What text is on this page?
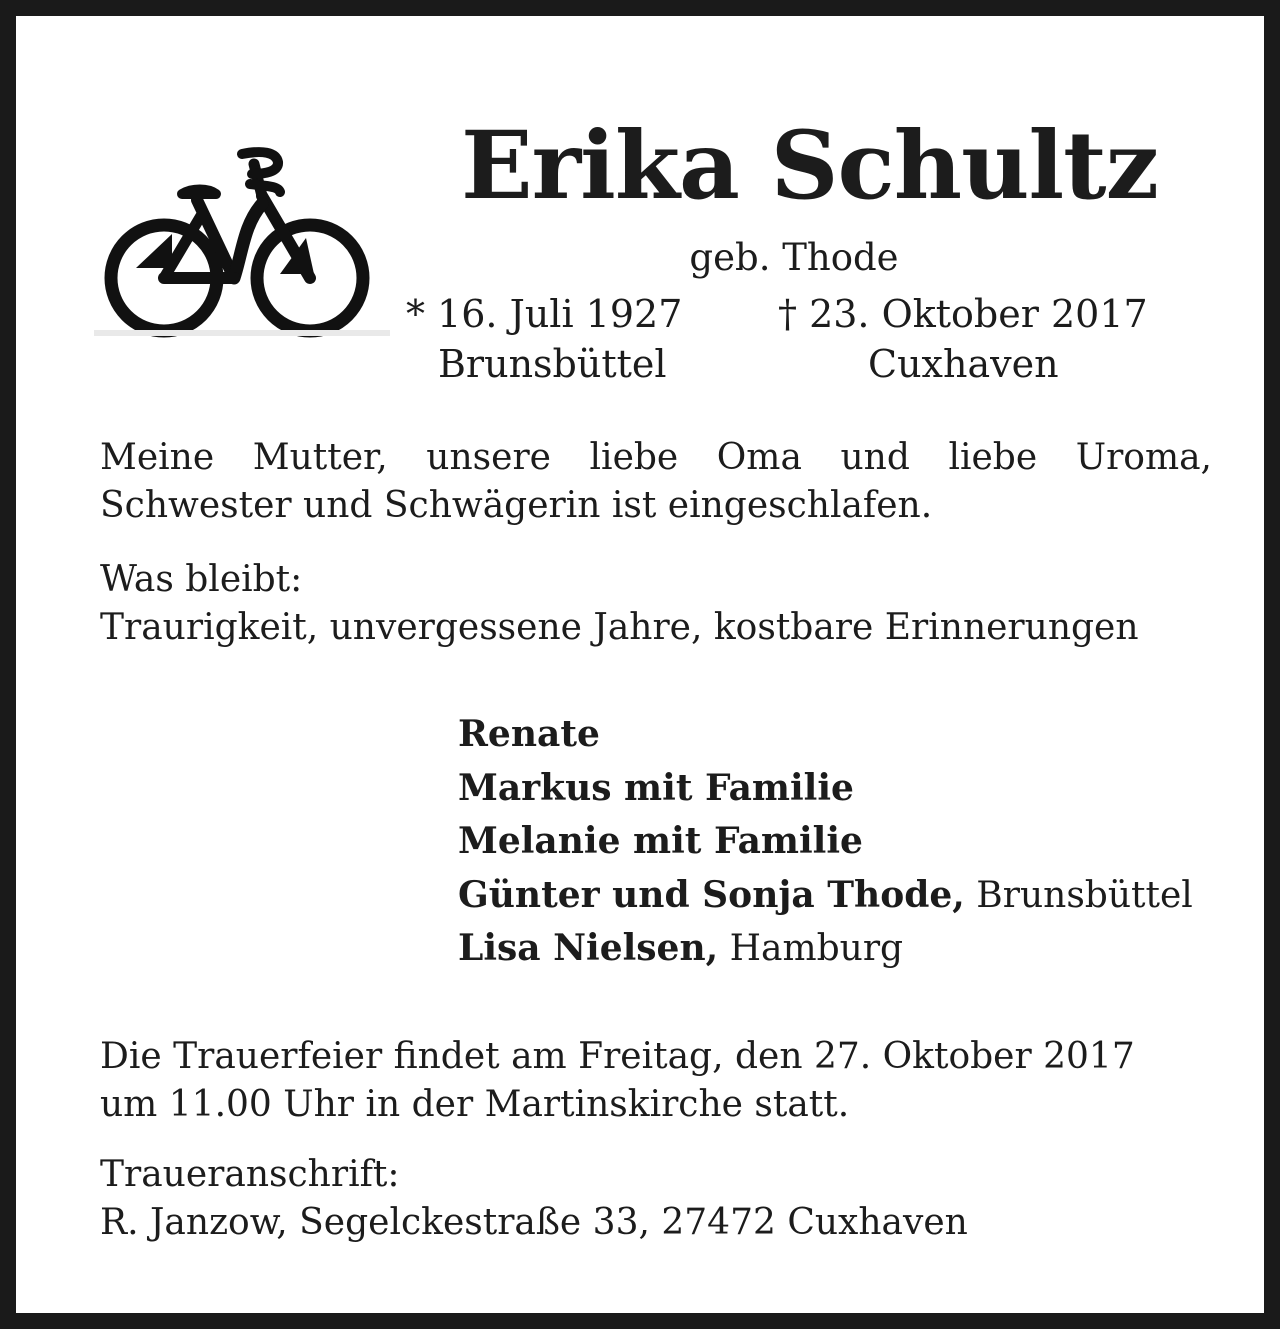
Erika Schultz
geb. Thode
* 16. Juli 1927	† 23. Oktober 2017
Brunsbüttel	Cuxhaven
Meine Mutter, unsere liebe Oma und liebe Uroma,
Schwester und Schwägerin ist eingeschlafen.
Was bleibt:
Traurigkeit, unvergessene Jahre, kostbare Erinnerungen
Renate
Markus mit Familie
Melanie mit Familie
Günter und Sonja Thode, Brunsbüttel
Lisa Nielsen, Hamburg
Die Trauerfeier findet am Freitag, den 27. Oktober 2017
um 11.00 Uhr in der Martinskirche statt.
Traueranschrift:
R. Janzow, Segelckestraße 33, 27472 Cuxhaven
